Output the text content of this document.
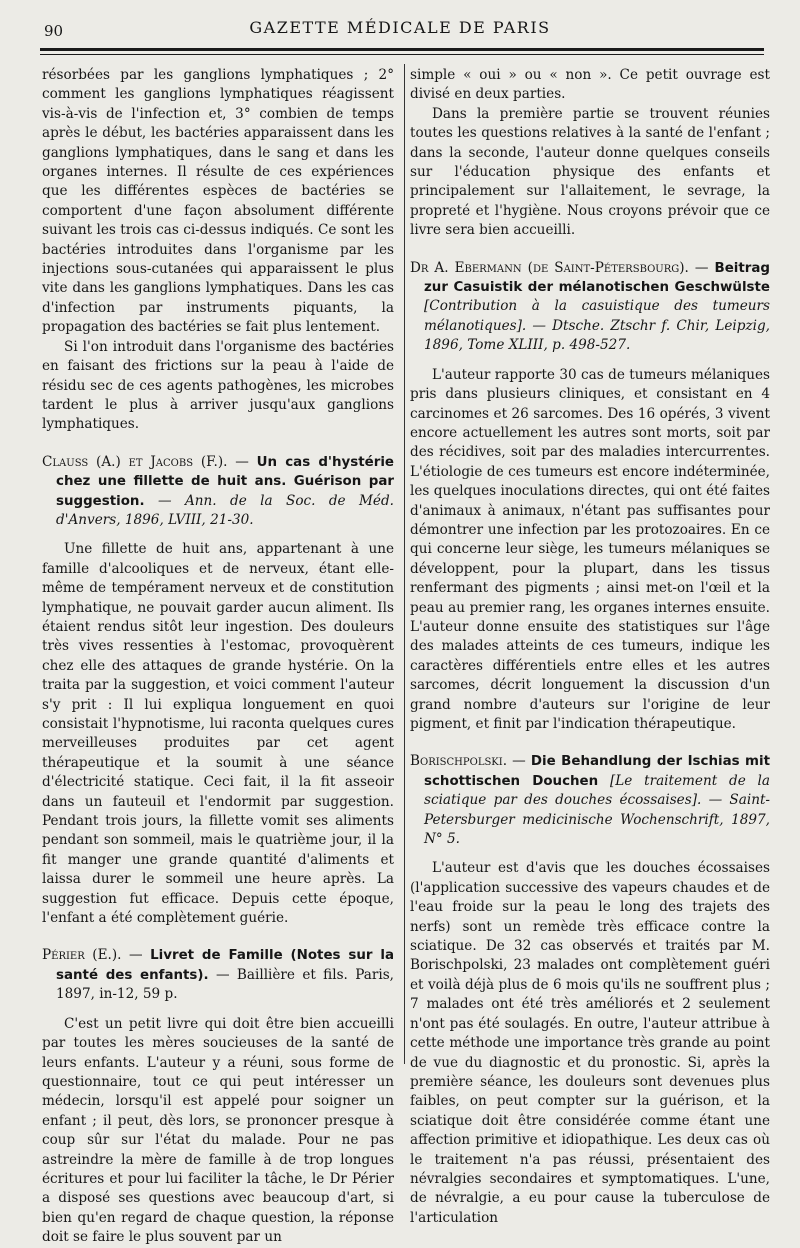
90	GAZETTE MÉDICALE DE PARIS

résorbées par les ganglions lymphatiques ; 2° comment les ganglions lymphatiques réagissent vis-à-vis de l'infection et, 3° combien de temps après le début, les bactéries apparaissent dans les ganglions lymphatiques, dans le sang et dans les organes internes. Il résulte de ces expériences que les différentes espèces de bactéries se comportent d'une façon absolument différente suivant les trois cas ci-dessus indiqués. Ce sont les bactéries introduites dans l'organisme par les injections sous-cutanées qui apparaissent le plus vite dans les ganglions lymphatiques. Dans les cas d'infection par instruments piquants, la propagation des bactéries se fait plus lentement.

Si l'on introduit dans l'organisme des bactéries en faisant des frictions sur la peau à l'aide de résidu sec de ces agents pathogènes, les microbes tardent le plus à arriver jusqu'aux ganglions lymphatiques.

Clauss (A.) et Jacobs (F.). — Un cas d'hystérie chez une fillette de huit ans. Guérison par suggestion. — Ann. de la Soc. de Méd. d'Anvers, 1896, LVIII, 21-30.

Une fillette de huit ans, appartenant à une famille d'alcooliques et de nerveux, étant elle-même de tempérament nerveux et de constitution lymphatique, ne pouvait garder aucun aliment. Ils étaient rendus sitôt leur ingestion. Des douleurs très vives ressenties à l'estomac, provoquèrent chez elle des attaques de grande hystérie. On la traita par la suggestion, et voici comment l'auteur s'y prit : Il lui expliqua longuement en quoi consistait l'hypnotisme, lui raconta quelques cures merveilleuses produites par cet agent thérapeutique et la soumit à une séance d'électricité statique. Ceci fait, il la fit asseoir dans un fauteuil et l'endormit par suggestion. Pendant trois jours, la fillette vomit ses aliments pendant son sommeil, mais le quatrième jour, il la fit manger une grande quantité d'aliments et laissa durer le sommeil une heure après. La suggestion fut efficace. Depuis cette époque, l'enfant a été complètement guérie.

Périer (E.). — Livret de Famille (Notes sur la santé des enfants). — Baillière et fils. Paris, 1897, in-12, 59 p.

C'est un petit livre qui doit être bien accueilli par toutes les mères soucieuses de la santé de leurs enfants. L'auteur y a réuni, sous forme de questionnaire, tout ce qui peut intéresser un médecin, lorsqu'il est appelé pour soigner un enfant ; il peut, dès lors, se prononcer presque à coup sûr sur l'état du malade. Pour ne pas astreindre la mère de famille à de trop longues écritures et pour lui faciliter la tâche, le Dr Périer a disposé ses questions avec beaucoup d'art, si bien qu'en regard de chaque question, la réponse doit se faire le plus souvent par un

simple « oui » ou « non ». Ce petit ouvrage est divisé en deux parties.

Dans la première partie se trouvent réunies toutes les questions relatives à la santé de l'enfant ; dans la seconde, l'auteur donne quelques conseils sur l'éducation physique des enfants et principalement sur l'allaitement, le sevrage, la propreté et l'hygiène. Nous croyons prévoir que ce livre sera bien accueilli.

Dr A. Ebermann (de Saint-Pétersbourg). — Beitrag zur Casuistik der mélanotischen Geschwülste [Contribution à la casuistique des tumeurs mélanotiques]. — Dtsche. Ztschr f. Chir, Leipzig, 1896, Tome XLIII, p. 498-527.

L'auteur rapporte 30 cas de tumeurs mélaniques pris dans plusieurs cliniques, et consistant en 4 carcinomes et 26 sarcomes. Des 16 opérés, 3 vivent encore actuellement les autres sont morts, soit par des récidives, soit par des maladies intercurrentes. L'étiologie de ces tumeurs est encore indéterminée, les quelques inoculations directes, qui ont été faites d'animaux à animaux, n'étant pas suffisantes pour démontrer une infection par les protozoaires. En ce qui concerne leur siège, les tumeurs mélaniques se développent, pour la plupart, dans les tissus renfermant des pigments ; ainsi met-on l'œil et la peau au premier rang, les organes internes ensuite. L'auteur donne ensuite des statistiques sur l'âge des malades atteints de ces tumeurs, indique les caractères différentiels entre elles et les autres sarcomes, décrit longuement la discussion d'un grand nombre d'auteurs sur l'origine de leur pigment, et finit par l'indication thérapeutique.

Borischpolski. — Die Behandlung der Ischias mit schottischen Douchen [Le traitement de la sciatique par des douches écossaises]. — Saint-Petersburger medicinische Wochenschrift, 1897, N° 5.

L'auteur est d'avis que les douches écossaises (l'application successive des vapeurs chaudes et de l'eau froide sur la peau le long des trajets des nerfs) sont un remède très efficace contre la sciatique. De 32 cas observés et traités par M. Borischpolski, 23 malades ont complètement guéri et voilà déjà plus de 6 mois qu'ils ne souffrent plus ; 7 malades ont été très améliorés et 2 seulement n'ont pas été soulagés. En outre, l'auteur attribue à cette méthode une importance très grande au point de vue du diagnostic et du pronostic. Si, après la première séance, les douleurs sont devenues plus faibles, on peut compter sur la guérison, et la sciatique doit être considérée comme étant une affection primitive et idiopathique. Les deux cas où le traitement n'a pas réussi, présentaient des névralgies secondaires et symptomatiques. L'une, de névralgie, a eu pour cause la tuberculose de l'articulation
